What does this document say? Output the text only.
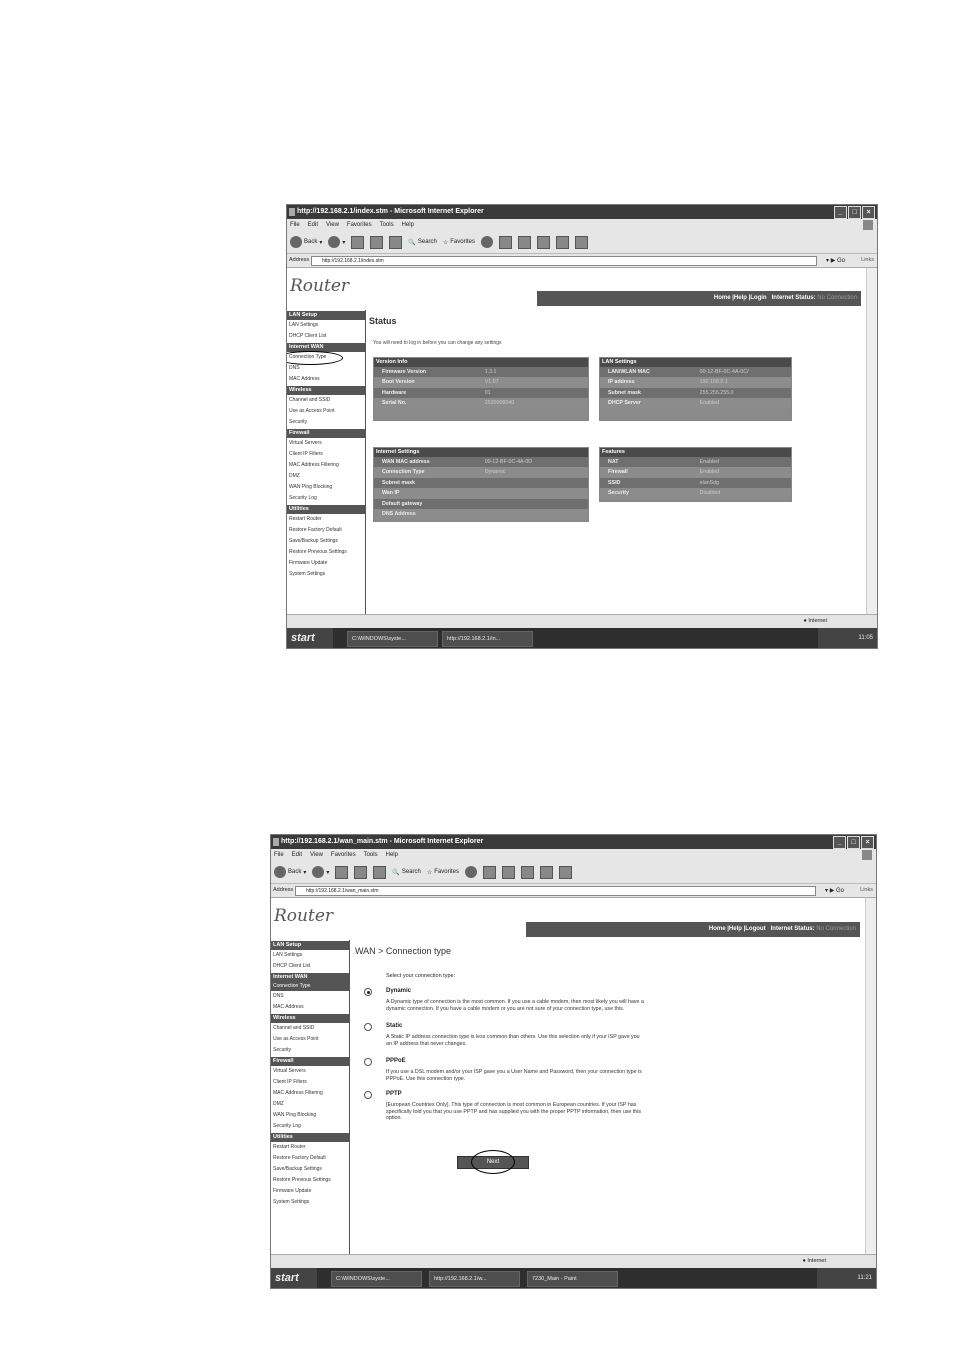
http://192.168.2.1/index.stm - Microsoft Internet Explorer	_	□	×
File Edit View Favorites Tools Help
Back ▾	▾	🔍 Search ☆ Favorites
Address	http://192.168.2.1/index.stm	▾ ▶ Go	Links
Router
Home |Help |Login Internet Status: No Connection
LAN Setup
LAN Settings
DHCP Client List
Internet WAN
Connection Type
DNS
MAC Address
Wireless
Channel and SSID
Use as Access Point
Security
Firewall
Virtual Servers
Client IP Filters
MAC Address Filtering
DMZ
WAN Ping Blocking
Security Log
Utilities
Restart Router
Restore Factory Default
Save/Backup Settings
Restore Previous Settings
Firmware Update
System Settings
Status
You will need to log in before you can change any settings
Version Info
Firmware Version	1.3.1
Boot Version	V1.07
Hardware	01
Serial No.	2530008040
LAN Settings
LAN/WLAN MAC	00-12-BF-0C-4A-0C/
IP address	192.168.2.1
Subnet mask	255.255.255.0
DHCP Server	Enabled
Internet Settings
WAN MAC address	00-12-BF-0C-4A-0D
Connection Type	Dynamic
Subnet mask
Wan IP
Default gateway
DNS Address
Features
NAT	Enabled
Firewall	Enabled
SSID	elanSdg
Security	Disabled
● Internet
start	C:\WINDOWS\syste...	http://192.168.2.1/in...	11:05
http://192.168.2.1/wan_main.stm - Microsoft Internet Explorer	_	□	×
File Edit View Favorites Tools Help
Back ▾	▾	🔍 Search ☆ Favorites
Address	http://192.168.2.1/wan_main.stm	▾ ▶ Go	Links
Router
Home |Help |Logout Internet Status: No Connection
LAN Setup
LAN Settings
DHCP Client List
Internet WAN
Connection Type
DNS
MAC Address
Wireless
Channel and SSID
Use as Access Point
Security
Firewall
Virtual Servers
Client IP Filters
MAC Address Filtering
DMZ
WAN Ping Blocking
Security Log
Utilities
Restart Router
Restore Factory Default
Save/Backup Settings
Restore Previous Settings
Firmware Update
System Settings
WAN > Connection type
Select your connection type:
Dynamic
A Dynamic type of connection is the most common. If you use a cable modem, then most likely you will have a dynamic connection. If you have a cable modem or you are not sure of your connection type, use this.
Static
A Static IP address connection type is less common than others. Use this selection only if your ISP gave you an IP address that never changes.
PPPoE
If you use a DSL modem and/or your ISP gave you a User Name and Password, then your connection type is PPPoE. Use this connection type.
PPTP
[European Countries Only]. This type of connection is most common in European countries. If your ISP has specifically told you that you use PPTP and has supplied you with the proper PPTP information, then use this option.
Next
● Internet
start	C:\WINDOWS\syste...	http://192.168.2.1/w...	7230_Main - Paint	11:21
